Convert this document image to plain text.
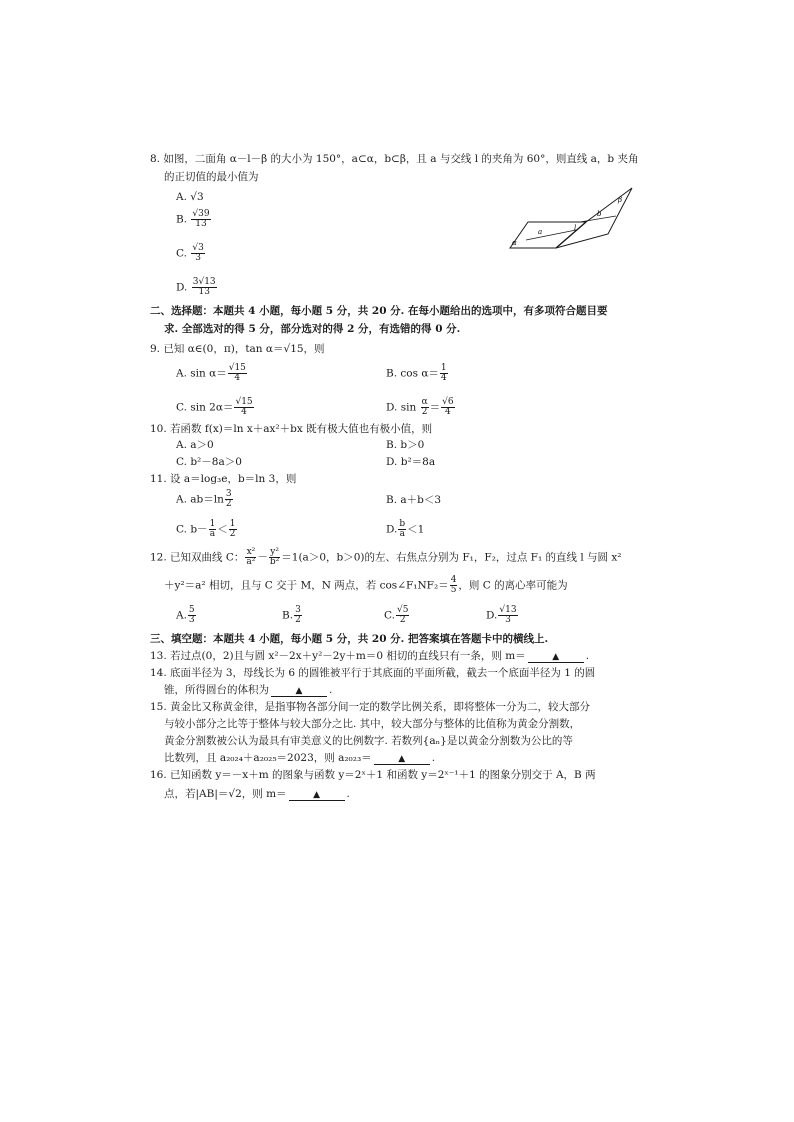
8. 如图，二面角 α－l－β 的大小为 150°，a⊂α，b⊂β，且 a 与交线 l 的夹角为 60°，则直线 a，b 夹角
的正切值的最小值为
A. √3
B. $\frac{√39}{13}$
C. $\frac{√3}{3}$
D. $\frac{3√13}{13}$
α
β
a
b
l
二、选择题：本题共 4 小题，每小题 5 分，共 20 分. 在每小题给出的选项中，有多项符合题目要
求. 全部选对的得 5 分，部分选对的得 2 分，有选错的得 0 分.
9. 已知 α∈(0，π)，tan α＝√15，则
A. $\sin \alpha= \frac{√15}{4}$	B. $\cos \alpha= \frac{1}{4}$
C. $\sin 2\alpha= \frac{√15}{4}$	D. $\sin \frac{\alpha}{2} = \frac{√6}{4}$
10. 若函数 f(x)＝ln x＋ax²＋bx 既有极大值也有极小值，则
A. a＞0	B. b＞0
C. b²－8a＞0	D. b²＝8a
11. 设 a＝log₃e，b＝ln 3，则
A. $ab=\ln \frac{3}{2}$	B. a＋b＜3
C. $b- \frac{1}{a} < \frac{1}{2}$	D. $\frac{b}{a} <1$
12. 已知双曲线 C： $\frac{\text{x²}}{\text{a²}} - \frac{\text{y²}}{\text{b²}} =1(a>0$，b＞0)的左、右焦点分别为 F₁，F₂，过点 F₁ 的直线 l 与圆 x²
＋y²＝a² 相切，且与 C 交于 M，N 两点，若 cos∠F₁NF₂＝ $\frac{4}{5}$ ，则 C 的离心率可能为
A. $\frac{5}{3}$	B. $\frac{3}{2}$	C. $\frac{√5}{2}$	D. $\frac{√13}{3}$
三、填空题：本题共 4 小题，每小题 5 分，共 20 分. 把答案填在答题卡中的横线上.
13. 若过点(0，2)且与圆 x²－2x＋y²－2y＋m＝0 相切的直线只有一条，则 m＝	▲	.
14. 底面半径为 3，母线长为 6 的圆锥被平行于其底面的平面所截，截去一个底面半径为 1 的圆
锥，所得圆台的体积为	▲	.
15. 黄金比又称黄金律，是指事物各部分间一定的数学比例关系，即将整体一分为二，较大部分
与较小部分之比等于整体与较大部分之比. 其中，较大部分与整体的比值称为黄金分割数，
黄金分割数被公认为最具有审美意义的比例数字. 若数列{aₙ}是以黄金分割数为公比的等
比数列，且 a₂₀₂₄＋a₂₀₂₅＝2023，则 a₂₀₂₃＝	▲	.
16. 已知函数 y＝－x＋m 的图象与函数 y＝2ˣ＋1 和函数 y＝2ˣ⁻¹＋1 的图象分别交于 A，B 两
点，若|AB|＝√2，则 m＝	▲	.
